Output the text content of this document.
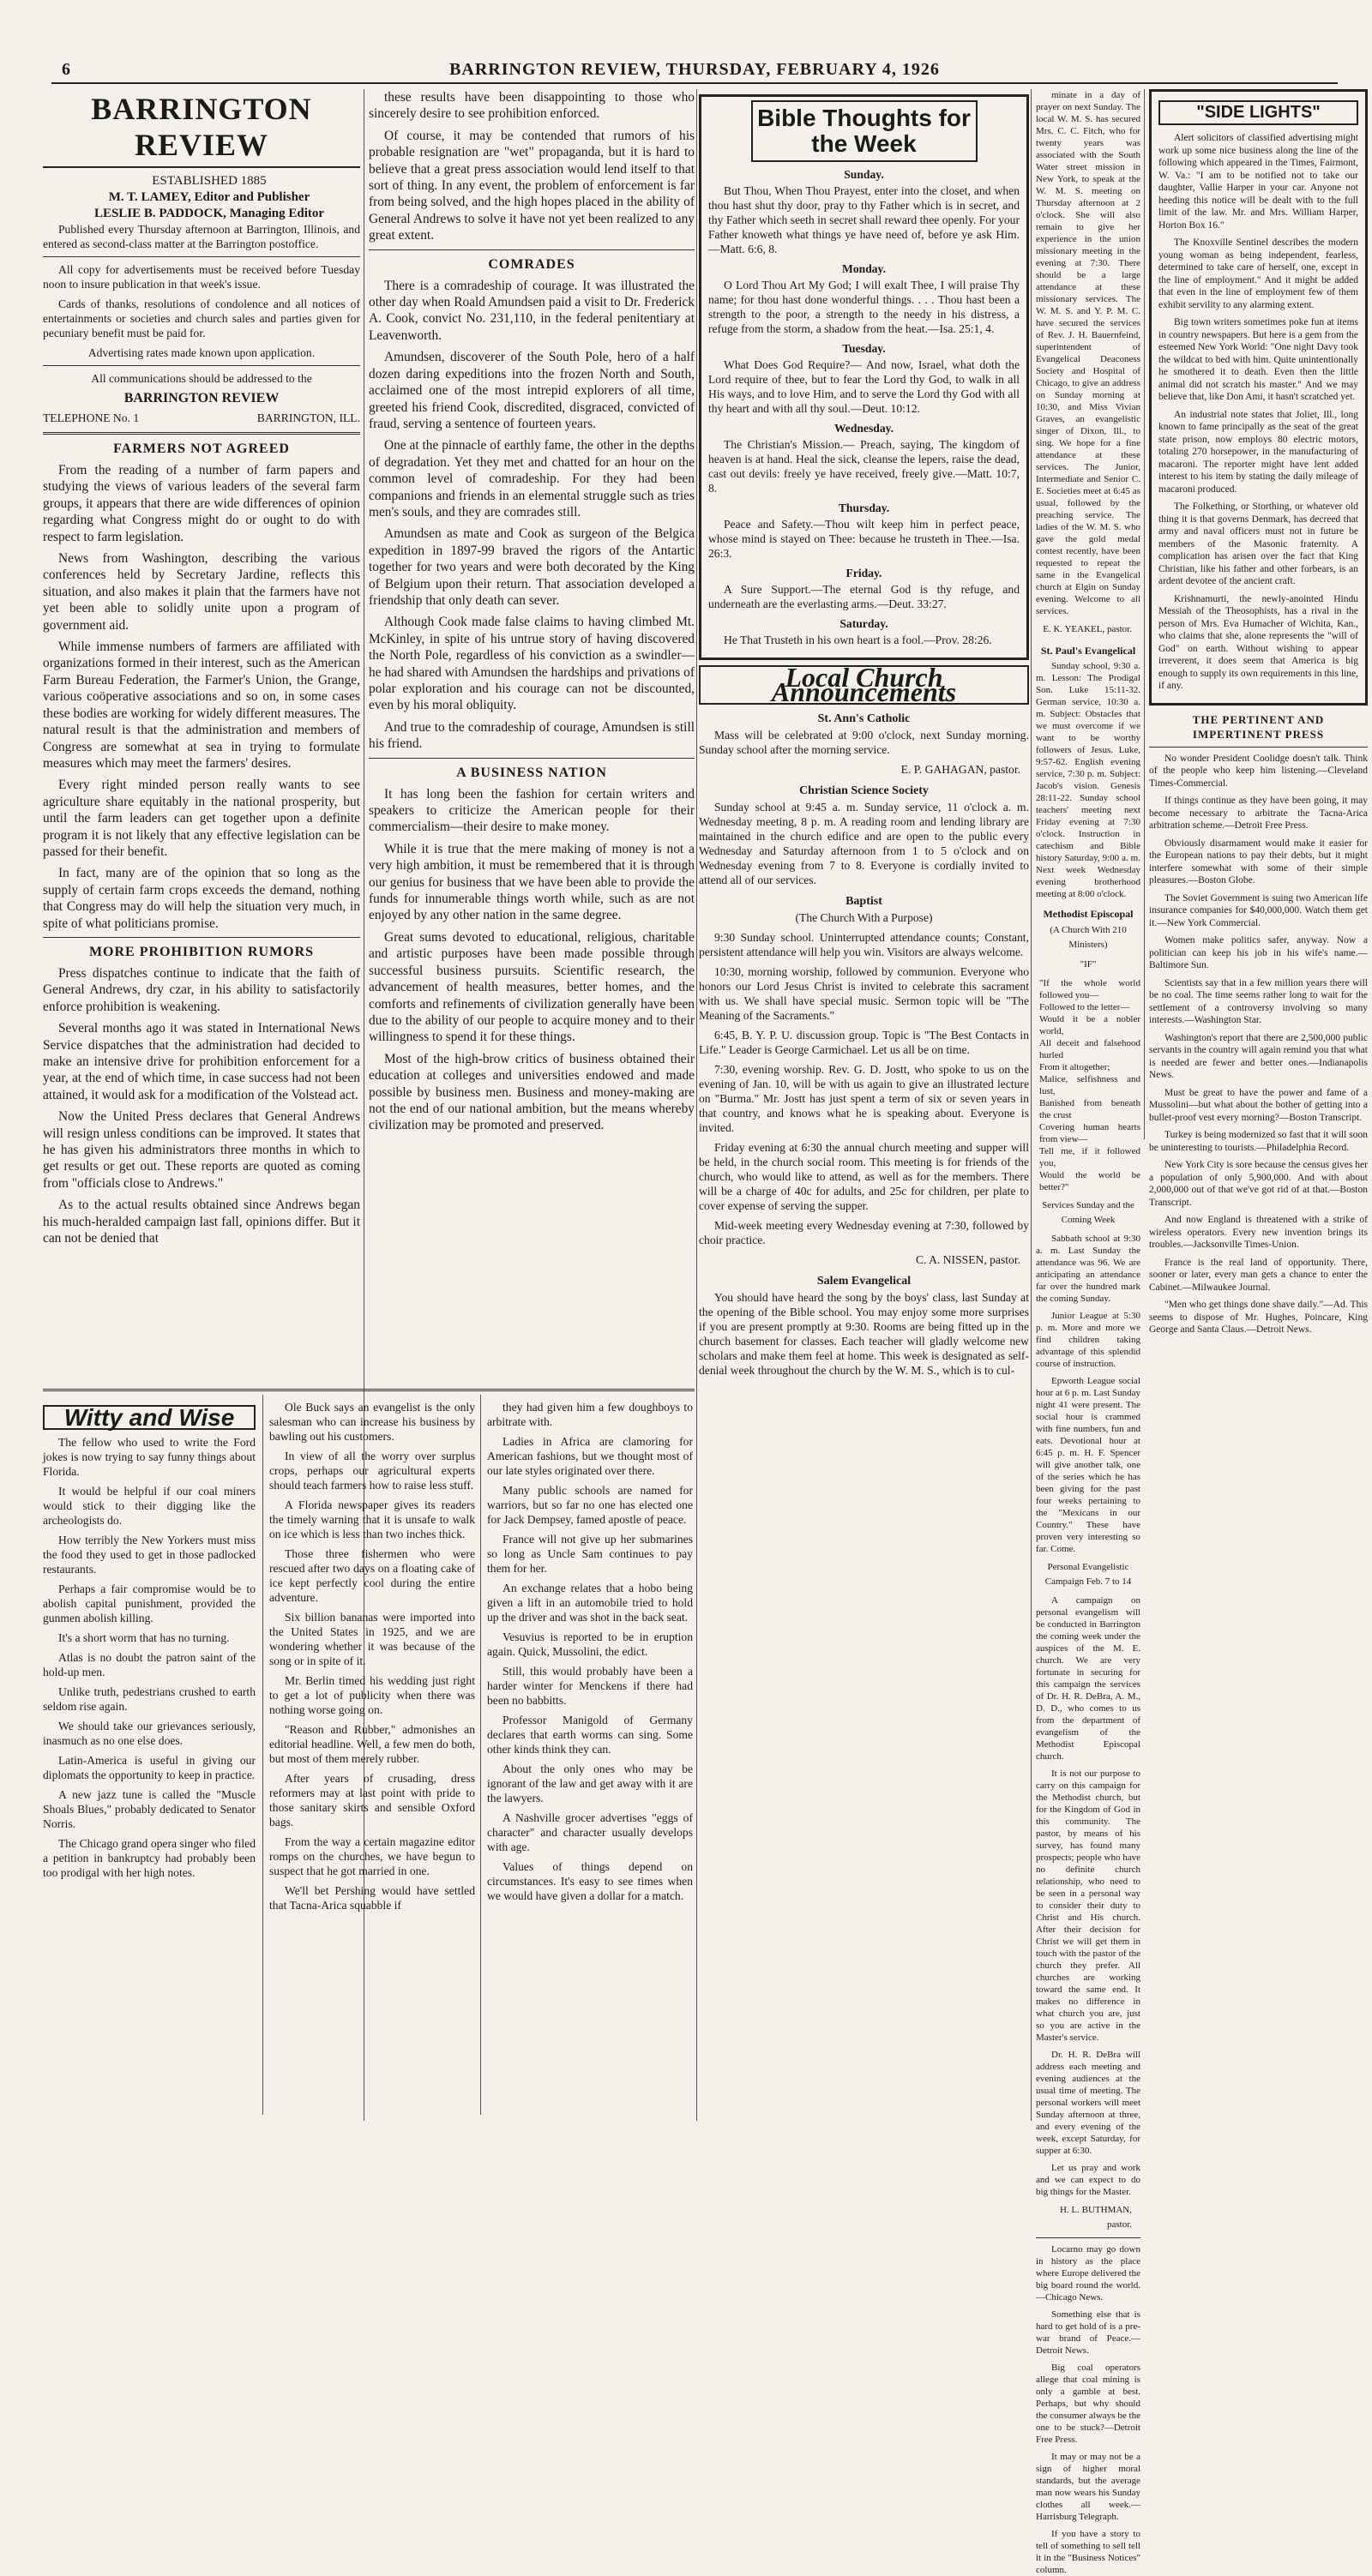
6	BARRINGTON REVIEW, THURSDAY, FEBRUARY 4, 1926
BARRINGTON REVIEW

ESTABLISHED 1885

M. T. LAMEY, Editor and Publisher

LESLIE B. PADDOCK, Managing Editor

Published every Thursday afternoon at Barrington, Illinois, and entered as second-class matter at the Barrington postoffice.

All copy for advertisements must be received before Tuesday noon to insure publication in that week's issue.

Cards of thanks, resolutions of condolence and all notices of entertainments or societies and church sales and parties given for pecuniary benefit must be paid for.

Advertising rates made known upon application.

All communications should be addressed to the

BARRINGTON REVIEW

TELEPHONE No. 1	BARRINGTON, ILL.
FARMERS NOT AGREED

From the reading of a number of farm papers and studying the views of various leaders of the several farm groups, it appears that there are wide differences of opinion regarding what Congress might do or ought to do with respect to farm legislation.

News from Washington, describing the various conferences held by Secretary Jardine, reflects this situation, and also makes it plain that the farmers have not yet been able to solidly unite upon a program of government aid.

While immense numbers of farmers are affiliated with organizations formed in their interest, such as the American Farm Bureau Federation, the Farmer's Union, the Grange, various coöperative associations and so on, in some cases these bodies are working for widely different measures. The natural result is that the administration and members of Congress are somewhat at sea in trying to formulate measures which may meet the farmers' desires.

Every right minded person really wants to see agriculture share equitably in the national prosperity, but until the farm leaders can get together upon a definite program it is not likely that any effective legislation can be passed for their benefit.

In fact, many are of the opinion that so long as the supply of certain farm crops exceeds the demand, nothing that Congress may do will help the situation very much, in spite of what politicians promise.

MORE PROHIBITION RUMORS

Press dispatches continue to indicate that the faith of General Andrews, dry czar, in his ability to satisfactorily enforce prohibition is weakening.

Several months ago it was stated in International News Service dispatches that the administration had decided to make an intensive drive for prohibition enforcement for a year, at the end of which time, in case success had not been attained, it would ask for a modification of the Volstead act.

Now the United Press declares that General Andrews will resign unless conditions can be improved. It states that he has given his administrators three months in which to get results or get out. These reports are quoted as coming from "officials close to Andrews."

As to the actual results obtained since Andrews began his much-heralded campaign last fall, opinions differ. But it can not be denied that

these results have been disappointing to those who sincerely desire to see prohibition enforced.

Of course, it may be contended that rumors of his probable resignation are "wet" propaganda, but it is hard to believe that a great press association would lend itself to that sort of thing. In any event, the problem of enforcement is far from being solved, and the high hopes placed in the ability of General Andrews to solve it have not yet been realized to any great extent.

COMRADES

There is a comradeship of courage. It was illustrated the other day when Roald Amundsen paid a visit to Dr. Frederick A. Cook, convict No. 231,110, in the federal penitentiary at Leavenworth.

Amundsen, discoverer of the South Pole, hero of a half dozen daring expeditions into the frozen North and South, acclaimed one of the most intrepid explorers of all time, greeted his friend Cook, discredited, disgraced, convicted of fraud, serving a sentence of fourteen years.

One at the pinnacle of earthly fame, the other in the depths of degradation. Yet they met and chatted for an hour on the common level of comradeship. For they had been companions and friends in an elemental struggle such as tries men's souls, and they are comrades still.

Amundsen as mate and Cook as surgeon of the Belgica expedition in 1897-99 braved the rigors of the Antartic together for two years and were both decorated by the King of Belgium upon their return. That association developed a friendship that only death can sever.

Although Cook made false claims to having climbed Mt. McKinley, in spite of his untrue story of having discovered the North Pole, regardless of his conviction as a swindler—he had shared with Amundsen the hardships and privations of polar exploration and his courage can not be discounted, even by his moral obliquity.

And true to the comradeship of courage, Amundsen is still his friend.

A BUSINESS NATION

It has long been the fashion for certain writers and speakers to criticize the American people for their commercialism—their desire to make money.

While it is true that the mere making of money is not a very high ambition, it must be remembered that it is through our genius for business that we have been able to provide the funds for innumerable things worth while, such as are not enjoyed by any other nation in the same degree.

Great sums devoted to educational, religious, charitable and artistic purposes have been made possible through successful business pursuits. Scientific research, the advancement of health measures, better homes, and the comforts and refinements of civilization generally have been due to the ability of our people to acquire money and to their willingness to spend it for these things.

Most of the high-brow critics of business obtained their education at colleges and universities endowed and made possible by business men. Business and money-making are not the end of our national ambition, but the means whereby civilization may be promoted and preserved.

Witty and Wise

The fellow who used to write the Ford jokes is now trying to say funny things about Florida.

It would be helpful if our coal miners would stick to their digging like the archeologists do.

How terribly the New Yorkers must miss the food they used to get in those padlocked restaurants.

Perhaps a fair compromise would be to abolish capital punishment, provided the gunmen abolish killing.

It's a short worm that has no turning.

Atlas is no doubt the patron saint of the hold-up men.

Unlike truth, pedestrians crushed to earth seldom rise again.

We should take our grievances seriously, inasmuch as no one else does.

Latin-America is useful in giving our diplomats the opportunity to keep in practice.

A new jazz tune is called the "Muscle Shoals Blues," probably dedicated to Senator Norris.

The Chicago grand opera singer who filed a petition in bankruptcy had probably been too prodigal with her high notes.

Ole Buck says an evangelist is the only salesman who can increase his business by bawling out his customers.

In view of all the worry over surplus crops, perhaps our agricultural experts should teach farmers how to raise less stuff.

A Florida newspaper gives its readers the timely warning that it is unsafe to walk on ice which is less than two inches thick.

Those three fishermen who were rescued after two days on a floating cake of ice kept perfectly cool during the entire adventure.

Six billion bananas were imported into the United States in 1925, and we are wondering whether it was because of the song or in spite of it.

Mr. Berlin timed his wedding just right to get a lot of publicity when there was nothing worse going on.

"Reason and Rubber," admonishes an editorial headline. Well, a few men do both, but most of them merely rubber.

After years of crusading, dress reformers may at last point with pride to those sanitary skirts and sensible Oxford bags.

From the way a certain magazine editor romps on the churches, we have begun to suspect that he got married in one.

We'll bet Pershing would have settled that Tacna-Arica squabble if

they had given him a few doughboys to arbitrate with.

Ladies in Africa are clamoring for American fashions, but we thought most of our late styles originated over there.

Many public schools are named for warriors, but so far no one has elected one for Jack Dempsey, famed apostle of peace.

France will not give up her submarines so long as Uncle Sam continues to pay them for her.

An exchange relates that a hobo being given a lift in an automobile tried to hold up the driver and was shot in the back seat.

Vesuvius is reported to be in eruption again. Quick, Mussolini, the edict.

Still, this would probably have been a harder winter for Menckens if there had been no babbitts.

Professor Manigold of Germany declares that earth worms can sing. Some other kinds think they can.

About the only ones who may be ignorant of the law and get away with it are the lawyers.

A Nashville grocer advertises "eggs of character" and character usually develops with age.

Values of things depend on circumstances. It's easy to see times when we would have given a dollar for a match.

Bible Thoughts for the Week

Sunday.

But Thou, When Thou Prayest, enter into the closet, and when thou hast shut thy door, pray to thy Father which is in secret, and thy Father which seeth in secret shall reward thee openly. For your Father knoweth what things ye have need of, before ye ask Him.—Matt. 6:6, 8.

Monday.

O Lord Thou Art My God; I will exalt Thee, I will praise Thy name; for thou hast done wonderful things. . . . Thou hast been a strength to the poor, a strength to the needy in his distress, a refuge from the storm, a shadow from the heat.—Isa. 25:1, 4.

Tuesday.

What Does God Require?— And now, Israel, what doth the Lord require of thee, but to fear the Lord thy God, to walk in all His ways, and to love Him, and to serve the Lord thy God with all thy heart and with all thy soul.—Deut. 10:12.

Wednesday.

The Christian's Mission.— Preach, saying, The kingdom of heaven is at hand. Heal the sick, cleanse the lepers, raise the dead, cast out devils: freely ye have received, freely give.—Matt. 10:7, 8.

Thursday.

Peace and Safety.—Thou wilt keep him in perfect peace, whose mind is stayed on Thee: because he trusteth in Thee.—Isa. 26:3.

Friday.

A Sure Support.—The eternal God is thy refuge, and underneath are the everlasting arms.—Deut. 33:27.

Saturday.

He That Trusteth in his own heart is a fool.—Prov. 28:26.

Local Church Announcements
St. Ann's Catholic

Mass will be celebrated at 9:00 o'clock, next Sunday morning. Sunday school after the morning service.

E. P. GAHAGAN, pastor.

Christian Science Society

Sunday school at 9:45 a. m. Sunday service, 11 o'clock a. m. Wednesday meeting, 8 p. m. A reading room and lending library are maintained in the church edifice and are open to the public every Wednesday and Saturday afternoon from 1 to 5 o'clock and on Wednesday evening from 7 to 8. Everyone is cordially invited to attend all of our services.

Baptist

(The Church With a Purpose)

9:30 Sunday school. Uninterrupted attendance counts; Constant, persistent attendance will help you win. Visitors are always welcome.

10:30, morning worship, followed by communion. Everyone who honors our Lord Jesus Christ is invited to celebrate this sacrament with us. We shall have special music. Sermon topic will be "The Meaning of the Sacraments."

6:45, B. Y. P. U. discussion group. Topic is "The Best Contacts in Life." Leader is George Carmichael. Let us all be on time.

7:30, evening worship. Rev. G. D. Jostt, who spoke to us on the evening of Jan. 10, will be with us again to give an illustrated lecture on "Burma." Mr. Jostt has just spent a term of six or seven years in that country, and knows what he is speaking about. Everyone is invited.

Friday evening at 6:30 the annual church meeting and supper will be held, in the church social room. This meeting is for friends of the church, who would like to attend, as well as for the members. There will be a charge of 40c for adults, and 25c for children, per plate to cover expense of serving the supper.

Mid-week meeting every Wednesday evening at 7:30, followed by choir practice.

C. A. NISSEN, pastor.

Salem Evangelical

You should have heard the song by the boys' class, last Sunday at the opening of the Bible school. You may enjoy some more surprises if you are present promptly at 9:30. Rooms are being fitted up in the church basement for classes. Each teacher will gladly welcome new scholars and make them feel at home. This week is designated as self-denial week throughout the church by the W. M. S., which is to cul-

minate in a day of prayer on next Sunday. The local W. M. S. has secured Mrs. C. C. Fitch, who for twenty years was associated with the South Water street mission in New York, to speak at the W. M. S. meeting on Thursday afternoon at 2 o'clock. She will also remain to give her experience in the union missionary meeting in the evening at 7:30. There should be a large attendance at these missionary services. The W. M. S. and Y. P. M. C. have secured the services of Rev. J. H. Bauernfeind, superintendent of Evangelical Deaconess Society and Hospital of Chicago, to give an address on Sunday morning at 10:30, and Miss Vivian Graves, an evangelistic singer of Dixon, Ill., to sing. We hope for a fine attendance at these services. The Junior, Intermediate and Senior C. E. Societies meet at 6:45 as usual, followed by the preaching service. The ladies of the W. M. S. who gave the gold medal contest recently, have been requested to repeat the same in the Evangelical church at Elgin on Sunday evening. Welcome to all services.

E. K. YEAKEL, pastor.

St. Paul's Evangelical

Sunday school, 9:30 a. m. Lesson: The Prodigal Son. Luke 15:11-32. German service, 10:30 a. m. Subject: Obstacles that we must overcome if we want to be worthy followers of Jesus. Luke, 9:57-62. English evening service, 7:30 p. m. Subject: Jacob's vision. Genesis 28:11-22. Sunday school teachers' meeting next Friday evening at 7:30 o'clock. Instruction in catechism and Bible history Saturday, 9:00 a. m. Next week Wednesday evening brotherhood meeting at 8:00 o'clock.

Methodist Episcopal

(A Church With 210 Ministers)

"IF"

"If the whole world followed you—

Followed to the letter—

Would it be a nobler world,

All deceit and falsehood hurled

From it altogether;

Malice, selfishness and lust,

Banished from beneath the crust

Covering human hearts from view—

Tell me, if it followed you,

Would the world be better?"

Services Sunday and the Coming Week

Sabbath school at 9:30 a. m. Last Sunday the attendance was 96. We are anticipating an attendance far over the hundred mark the coming Sunday.

Junior League at 5:30 p. m. More and more we find children taking advantage of this splendid course of instruction.

Epworth League social hour at 6 p. m. Last Sunday night 41 were present. The social hour is crammed with fine numbers, fun and eats. Devotional hour at 6:45 p. m. H. F. Spencer will give another talk, one of the series which he has been giving for the past four weeks pertaining to the "Mexicans in our Country." These have proven very interesting so far. Come.

Personal Evangelistic Campaign Feb. 7 to 14

A campaign on personal evangelism will be conducted in Barrington the coming week under the auspices of the M. E. church. We are very fortunate in securing for this campaign the services of Dr. H. R. DeBra, A. M., D. D., who comes to us from the department of evangelism of the Methodist Episcopal church.

It is not our purpose to carry on this campaign for the Methodist church, but for the Kingdom of God in this community. The pastor, by means of his survey, has found many prospects; people who have no definite church relationship, who need to be seen in a personal way to consider their duty to Christ and His church. After their decision for Christ we will get them in touch with the pastor of the church they prefer. All churches are working toward the same end. It makes no difference in what church you are, just so you are active in the Master's service.

Dr. H. R. DeBra will address each meeting and evening audiences at the usual time of meeting. The personal workers will meet Sunday afternoon at three, and every evening of the week, except Saturday, for supper at 6:30.

Let us pray and work and we can expect to do big things for the Master.

H. L. BUTHMAN, pastor.

Locarno may go down in history as the place where Europe delivered the big board round the world.—Chicago News.

Something else that is hard to get hold of is a pre-war brand of Peace.—Detroit News.

Big coal operators allege that coal mining is only a gamble at best. Perhaps, but why should the consumer always be the one to be stuck?—Detroit Free Press.

It may or may not be a sign of higher moral standards, but the average man now wears his Sunday clothes all week.—Harrisburg Telegraph.

If you have a story to tell of something to sell tell it in the "Business Notices" column.

"SIDE LIGHTS"

Alert solicitors of classified advertising might work up some nice business along the line of the following which appeared in the Times, Fairmont, W. Va.: "I am to be notified not to take our daughter, Vallie Harper in your car. Anyone not heeding this notice will be dealt with to the full limit of the law. Mr. and Mrs. William Harper, Horton Box 16."

The Knoxville Sentinel describes the modern young woman as being independent, fearless, determined to take care of herself, one, except in the line of employment." And it might be added that even in the line of employment few of them exhibit servility to any alarming extent.

Big town writers sometimes poke fun at items in country newspapers. But here is a gem from the esteemed New York World: "One night Davy took the wildcat to bed with him. Quite unintentionally he smothered it to death. Even then the little animal did not scratch his master." And we may believe that, like Don Ami, it hasn't scratched yet.

An industrial note states that Joliet, Ill., long known to fame principally as the seat of the great state prison, now employs 80 electric motors, totaling 270 horsepower, in the manufacturing of macaroni. The reporter might have lent added interest to his item by stating the daily mileage of macaroni produced.

The Folkething, or Storthing, or whatever old thing it is that governs Denmark, has decreed that army and naval officers must not in future be members of the Masonic fraternity. A complication has arisen over the fact that King Christian, like his father and other forbears, is an ardent devotee of the ancient craft.

Krishnamurti, the newly-anointed Hindu Messiah of the Theosophists, has a rival in the person of Mrs. Eva Humacher of Wichita, Kan., who claims that she, alone represents the "will of God" on earth. Without wishing to appear irreverent, it does seem that America is big enough to supply its own requirements in this line, if any.

THE PERTINENT AND IMPERTINENT PRESS

No wonder President Coolidge doesn't talk. Think of the people who keep him listening.—Cleveland Times-Commercial.

If things continue as they have been going, it may become necessary to arbitrate the Tacna-Arica arbitration scheme.—Detroit Free Press.

Obviously disarmament would make it easier for the European nations to pay their debts, but it might interfere somewhat with some of their simple pleasures.—Boston Globe.

The Soviet Government is suing two American life insurance companies for $40,000,000. Watch them get it.—New York Commercial.

Women make politics safer, anyway. Now a politician can keep his job in his wife's name.—Baltimore Sun.

Scientists say that in a few million years there will be no coal. The time seems rather long to wait for the settlement of a controversy involving so many interests.—Washington Star.

Washington's report that there are 2,500,000 public servants in the country will again remind you that what is needed are fewer and better ones.—Indianapolis News.

Must be great to have the power and fame of a Mussolini—but what about the bother of getting into a bullet-proof vest every morning?—Boston Transcript.

Turkey is being modernized so fast that it will soon be uninteresting to tourists.—Philadelphia Record.

New York City is sore because the census gives her a population of only 5,900,000. And with about 2,000,000 out of that we've got rid of at that.—Boston Transcript.

And now England is threatened with a strike of wireless operators. Every new invention brings its troubles.—Jacksonville Times-Union.

France is the real land of opportunity. There, sooner or later, every man gets a chance to enter the Cabinet.—Milwaukee Journal.

"Men who get things done shave daily."—Ad. This seems to dispose of Mr. Hughes, Poincare, King George and Santa Claus.—Detroit News.
